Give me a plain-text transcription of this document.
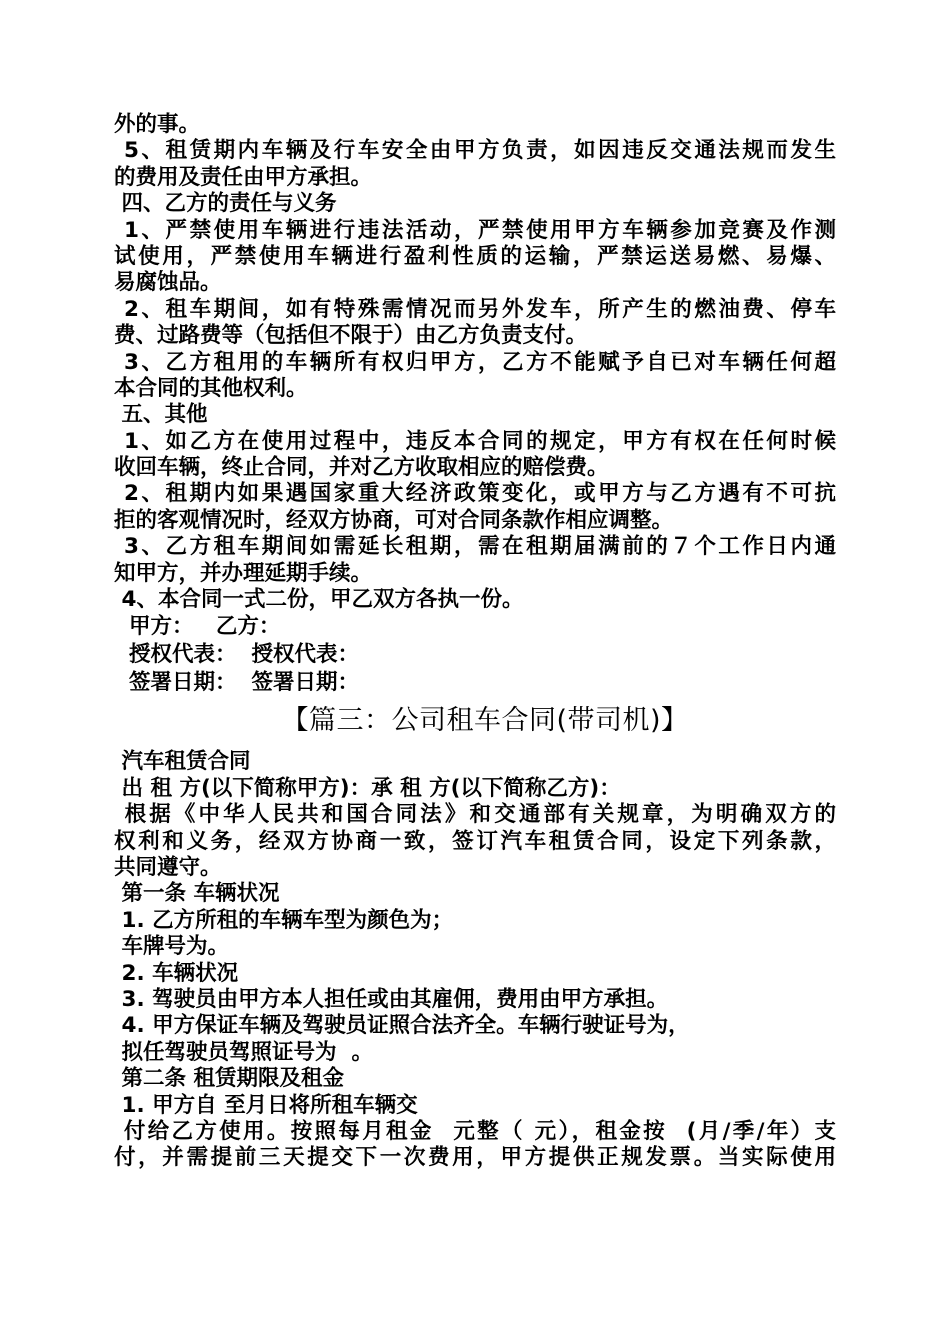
外的事。
5、租赁期内车辆及行车安全由甲方负责，如因违反交通法规而发生
的费用及责任由甲方承担。
四、乙方的责任与义务
1、严禁使用车辆进行违法活动，严禁使用甲方车辆参加竞赛及作测
试使用，严禁使用车辆进行盈利性质的运输，严禁运送易燃、易爆、
易腐蚀品。
2、租车期间，如有特殊需情况而另外发车，所产生的燃油费、停车
费、过路费等（包括但不限于）由乙方负责支付。
3、乙方租用的车辆所有权归甲方，乙方不能赋予自已对车辆任何超
本合同的其他权利。
五、其他
1、如乙方在使用过程中，违反本合同的规定，甲方有权在任何时候
收回车辆，终止合同，并对乙方收取相应的赔偿费。
2、租期内如果遇国家重大经济政策变化，或甲方与乙方遇有不可抗
拒的客观情况时，经双方协商，可对合同条款作相应调整。
3、乙方租车期间如需延长租期，需在租期届满前的７个工作日内通
知甲方，并办理延期手续。
4、本合同一式二份，甲乙双方各执一份。
甲方：   乙方：
授权代表：  授权代表：
签署日期：  签署日期：
【篇三：公司租车合同(带司机)】
汽车租赁合同
出 租 方(以下简称甲方)：承 租 方(以下简称乙方)：
根据《中华人民共和国合同法》和交通部有关规章，为明确双方的
权利和义务，经双方协商一致，签订汽车租赁合同，设定下列条款，
共同遵守。
第一条 车辆状况
1. 乙方所租的车辆车型为颜色为；
车牌号为。
2. 车辆状况
3. 驾驶员由甲方本人担任或由其雇佣，费用由甲方承担。
4. 甲方保证车辆及驾驶员证照合法齐全。车辆行驶证号为，
拟任驾驶员驾照证号为  。
第二条 租赁期限及租金
1. 甲方自 至月日将所租车辆交
付给乙方使用。按照每月租金  元整（ 元），租金按  (月/季/年）支
付，并需提前三天提交下一次费用，甲方提供正规发票。当实际使用
